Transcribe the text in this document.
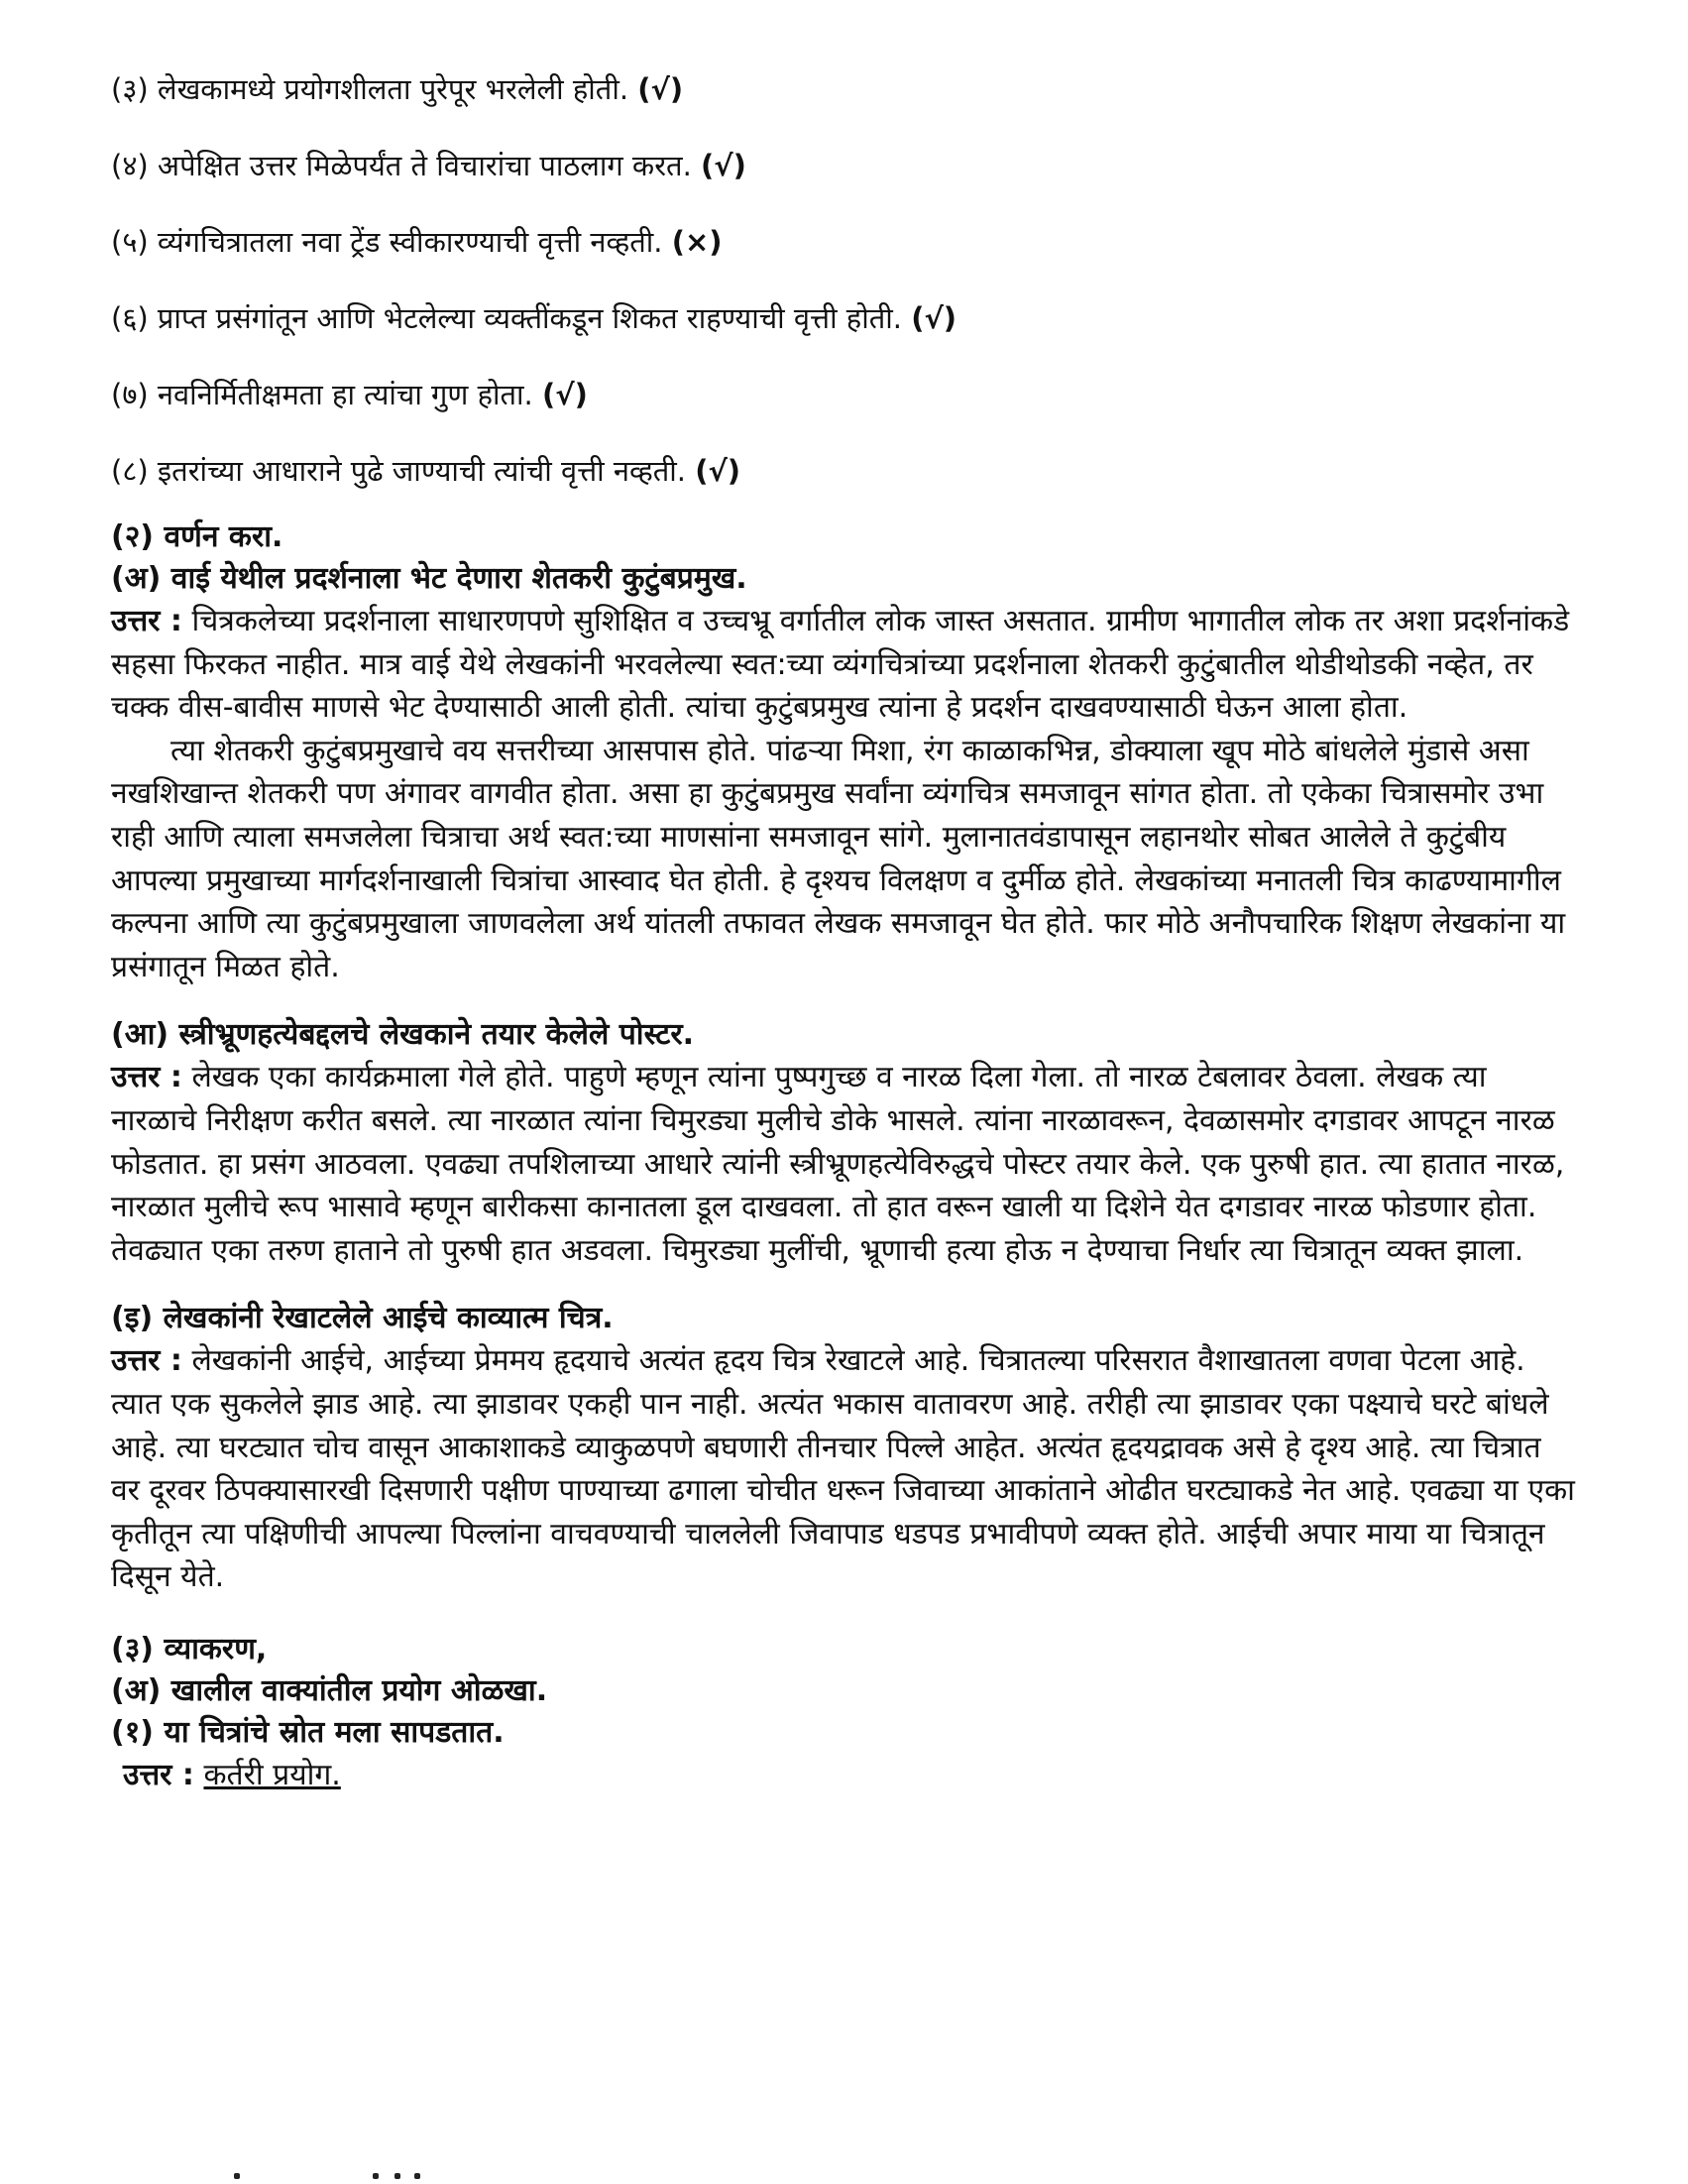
(३) लेखकामध्ये प्रयोगशीलता पुरेपूर भरलेली होती. (√)

(४) अपेक्षित उत्तर मिळेपर्यंत ते विचारांचा पाठलाग करत. (√)

(५) व्यंगचित्रातला नवा ट्रेंड स्वीकारण्याची वृत्ती नव्हती. (×)

(६) प्राप्त प्रसंगांतून आणि भेटलेल्या व्यक्तींकडून शिकत राहण्याची वृत्ती होती. (√)

(७) नवनिर्मितीक्षमता हा त्यांचा गुण होता. (√)

(८) इतरांच्या आधाराने पुढे जाण्याची त्यांची वृत्ती नव्हती. (√)

(२) वर्णन करा.

(अ) वाई येथील प्रदर्शनाला भेट देणारा शेतकरी कुटुंबप्रमुख.

उत्तर : चित्रकलेच्या प्रदर्शनाला साधारणपणे सुशिक्षित व उच्चभ्रू वर्गातील लोक जास्त असतात. ग्रामीण भागातील लोक तर अशा प्रदर्शनांकडे सहसा फिरकत नाहीत. मात्र वाई येथे लेखकांनी भरवलेल्या स्वत:च्या व्यंगचित्रांच्या प्रदर्शनाला शेतकरी कुटुंबातील थोडीथोडकी नव्हेत, तर चक्क वीस-बावीस माणसे भेट देण्यासाठी आली होती. त्यांचा कुटुंबप्रमुख त्यांना हे प्रदर्शन दाखवण्यासाठी घेऊन आला होता.

त्या शेतकरी कुटुंबप्रमुखाचे वय सत्तरीच्या आसपास होते. पांढऱ्या मिशा, रंग काळाकभिन्न, डोक्याला खूप मोठे बांधलेले मुंडासे असा नखशिखान्त शेतकरी पण अंगावर वागवीत होता. असा हा कुटुंबप्रमुख सर्वांना व्यंगचित्र समजावून सांगत होता. तो एकेका चित्रासमोर उभा राही आणि त्याला समजलेला चित्राचा अर्थ स्वत:च्या माणसांना समजावून सांगे. मुलानातवंडापासून लहानथोर सोबत आलेले ते कुटुंबीय आपल्या प्रमुखाच्या मार्गदर्शनाखाली चित्रांचा आस्वाद घेत होती. हे दृश्यच विलक्षण व दुर्मीळ होते. लेखकांच्या मनातली चित्र काढण्यामागील कल्पना आणि त्या कुटुंबप्रमुखाला जाणवलेला अर्थ यांतली तफावत लेखक समजावून घेत होते. फार मोठे अनौपचारिक शिक्षण लेखकांना या प्रसंगातून मिळत होते.

(आ) स्त्रीभ्रूणहत्येबद्दलचे लेखकाने तयार केलेले पोस्टर.

उत्तर : लेखक एका कार्यक्रमाला गेले होते. पाहुणे म्हणून त्यांना पुष्पगुच्छ व नारळ दिला गेला. तो नारळ टेबलावर ठेवला. लेखक त्या नारळाचे निरीक्षण करीत बसले. त्या नारळात त्यांना चिमुरड्या मुलीचे डोके भासले. त्यांना नारळावरून, देवळासमोर दगडावर आपटून नारळ फोडतात. हा प्रसंग आठवला. एवढ्या तपशिलाच्या आधारे त्यांनी स्त्रीभ्रूणहत्येविरुद्धचे पोस्टर तयार केले. एक पुरुषी हात. त्या हातात नारळ, नारळात मुलीचे रूप भासावे म्हणून बारीकसा कानातला डूल दाखवला. तो हात वरून खाली या दिशेने येत दगडावर नारळ फोडणार होता. तेवढ्यात एका तरुण हाताने तो पुरुषी हात अडवला. चिमुरड्या मुलींची, भ्रूणाची हत्या होऊ न देण्याचा निर्धार त्या चित्रातून व्यक्त झाला.

(इ) लेखकांनी रेखाटलेले आईचे काव्यात्म चित्र.

उत्तर : लेखकांनी आईचे, आईच्या प्रेममय हृदयाचे अत्यंत हृदय चित्र रेखाटले आहे. चित्रातल्या परिसरात वैशाखातला वणवा पेटला आहे. त्यात एक सुकलेले झाड आहे. त्या झाडावर एकही पान नाही. अत्यंत भकास वातावरण आहे. तरीही त्या झाडावर एका पक्ष्याचे घरटे बांधले आहे. त्या घरट्यात चोच वासून आकाशाकडे व्याकुळपणे बघणारी तीनचार पिल्ले आहेत. अत्यंत हृदयद्रावक असे हे दृश्य आहे. त्या चित्रात वर दूरवर ठिपक्यासारखी दिसणारी पक्षीण पाण्याच्या ढगाला चोचीत धरून जिवाच्या आकांताने ओढीत घरट्याकडे नेत आहे. एवढ्या या एका कृतीतून त्या पक्षिणीची आपल्या पिल्लांना वाचवण्याची चाललेली जिवापाड धडपड प्रभावीपणे व्यक्त होते. आईची अपार माया या चित्रातून दिसून येते.

(३) व्याकरण,

(अ) खालील वाक्यांतील प्रयोग ओळखा.

(१) या चित्रांचे स्रोत मला सापडतात.

उत्तर : कर्तरी प्रयोग.
